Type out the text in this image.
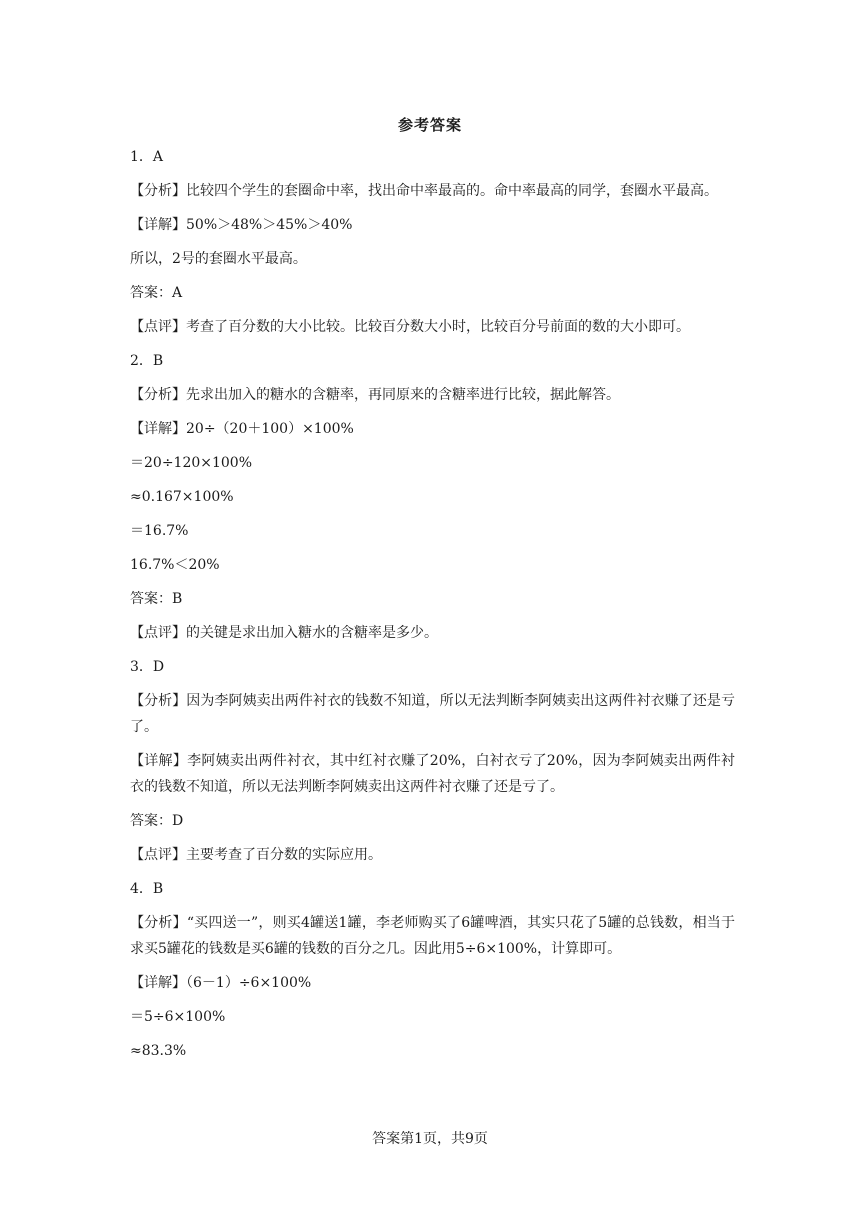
参考答案

1．A

【分析】比较四个学生的套圈命中率，找出命中率最高的。命中率最高的同学，套圈水平最高。

【详解】50%＞48%＞45%＞40%

所以，2号的套圈水平最高。

答案：A

【点评】考查了百分数的大小比较。比较百分数大小时，比较百分号前面的数的大小即可。

2．B

【分析】先求出加入的糖水的含糖率，再同原来的含糖率进行比较，据此解答。

【详解】20÷（20＋100）×100%

＝20÷120×100%

≈0.167×100%

＝16.7%

16.7%＜20%

答案：B

【点评】的关键是求出加入糖水的含糖率是多少。

3．D

【分析】因为李阿姨卖出两件衬衣的钱数不知道，所以无法判断李阿姨卖出这两件衬衣赚了还是亏了。

【详解】李阿姨卖出两件衬衣，其中红衬衣赚了20%，白衬衣亏了20%，因为李阿姨卖出两件衬衣的钱数不知道，所以无法判断李阿姨卖出这两件衬衣赚了还是亏了。

答案：D

【点评】主要考查了百分数的实际应用。

4．B

【分析】“买四送一”，则买4罐送1罐，李老师购买了6罐啤酒，其实只花了5罐的总钱数，相当于求买5罐花的钱数是买6罐的钱数的百分之几。因此用5÷6×100%，计算即可。

【详解】（6－1）÷6×100%

＝5÷6×100%

≈83.3%

答案第1页，共9页
